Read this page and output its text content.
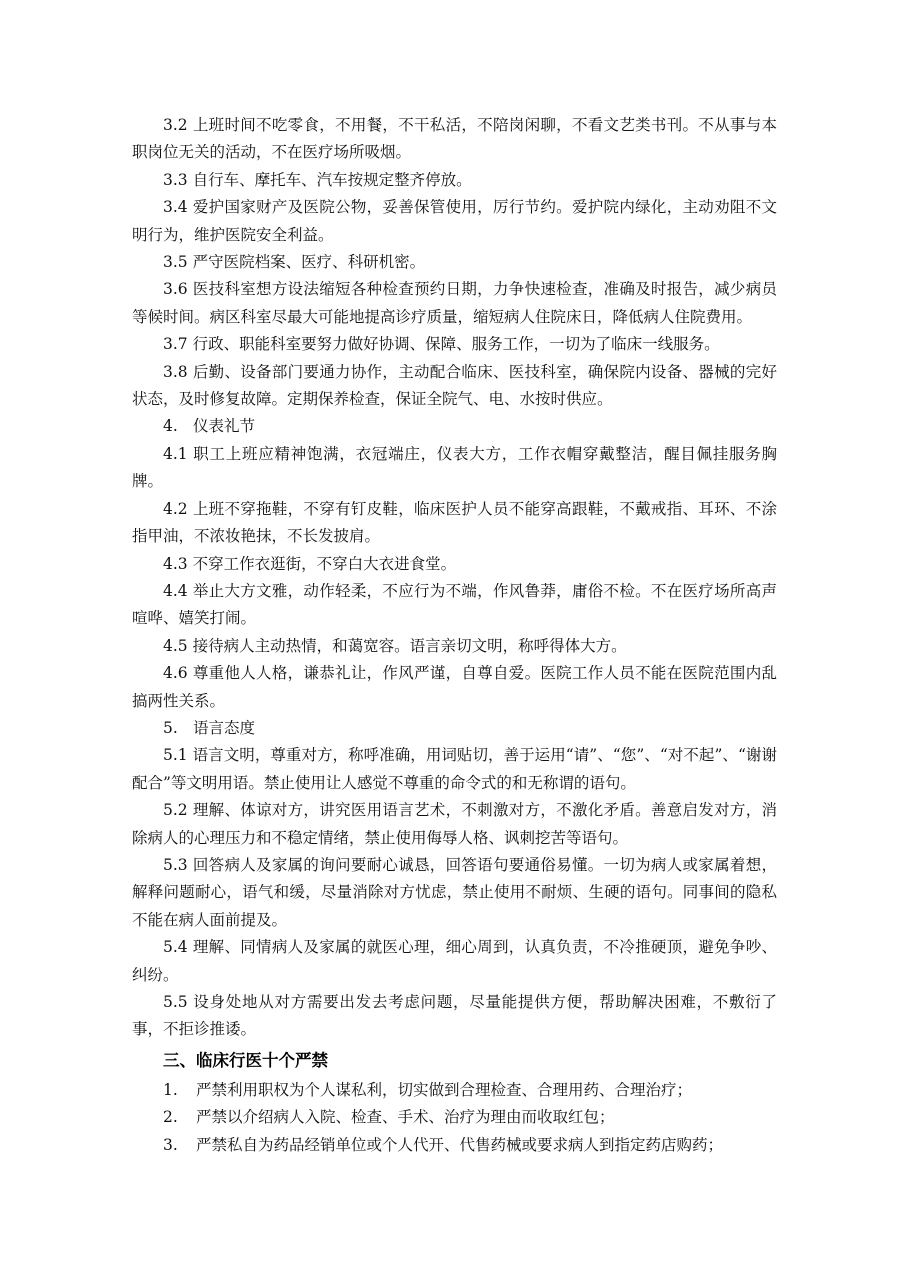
3.2 上班时间不吃零食，不用餐，不干私活，不陪岗闲聊，不看文艺类书刊。不从事与本职岗位无关的活动，不在医疗场所吸烟。

3.3 自行车、摩托车、汽车按规定整齐停放。

3.4 爱护国家财产及医院公物，妥善保管使用，厉行节约。爱护院内绿化，主动劝阻不文明行为，维护医院安全利益。

3.5 严守医院档案、医疗、科研机密。

3.6 医技科室想方设法缩短各种检查预约日期，力争快速检查，准确及时报告，减少病员等候时间。病区科室尽最大可能地提高诊疗质量，缩短病人住院床日，降低病人住院费用。

3.7 行政、职能科室要努力做好协调、保障、服务工作，一切为了临床一线服务。

3.8 后勤、设备部门要通力协作，主动配合临床、医技科室，确保院内设备、器械的完好状态，及时修复故障。定期保养检查，保证全院气、电、水按时供应。

4. 仪表礼节

4.1 职工上班应精神饱满，衣冠端庄，仪表大方，工作衣帽穿戴整洁，醒目佩挂服务胸牌。

4.2 上班不穿拖鞋，不穿有钉皮鞋，临床医护人员不能穿高跟鞋，不戴戒指、耳环、不涂指甲油，不浓妆艳抹，不长发披肩。

4.3 不穿工作衣逛街，不穿白大衣进食堂。

4.4 举止大方文雅，动作轻柔，不应行为不端，作风鲁莽，庸俗不检。不在医疗场所高声喧哗、嬉笑打闹。

4.5 接待病人主动热情，和蔼宽容。语言亲切文明，称呼得体大方。

4.6 尊重他人人格，谦恭礼让，作风严谨，自尊自爱。医院工作人员不能在医院范围内乱搞两性关系。

5. 语言态度

5.1 语言文明，尊重对方，称呼准确，用词贴切，善于运用“请”、“您”、“对不起”、“谢谢配合”等文明用语。禁止使用让人感觉不尊重的命令式的和无称谓的语句。

5.2 理解、体谅对方，讲究医用语言艺术，不刺激对方，不激化矛盾。善意启发对方，消除病人的心理压力和不稳定情绪，禁止使用侮辱人格、讽刺挖苦等语句。

5.3 回答病人及家属的询问要耐心诚恳，回答语句要通俗易懂。一切为病人或家属着想，解释问题耐心，语气和缓，尽量消除对方忧虑，禁止使用不耐烦、生硬的语句。同事间的隐私不能在病人面前提及。

5.4 理解、同情病人及家属的就医心理，细心周到，认真负责，不冷推硬顶，避免争吵、纠纷。

5.5 设身处地从对方需要出发去考虑问题，尽量能提供方便，帮助解决困难，不敷衍了事，不拒诊推诿。

三、临床行医十个严禁

1. 严禁利用职权为个人谋私利，切实做到合理检查、合理用药、合理治疗；

2. 严禁以介绍病人入院、检查、手术、治疗为理由而收取红包；

3. 严禁私自为药品经销单位或个人代开、代售药械或要求病人到指定药店购药；
